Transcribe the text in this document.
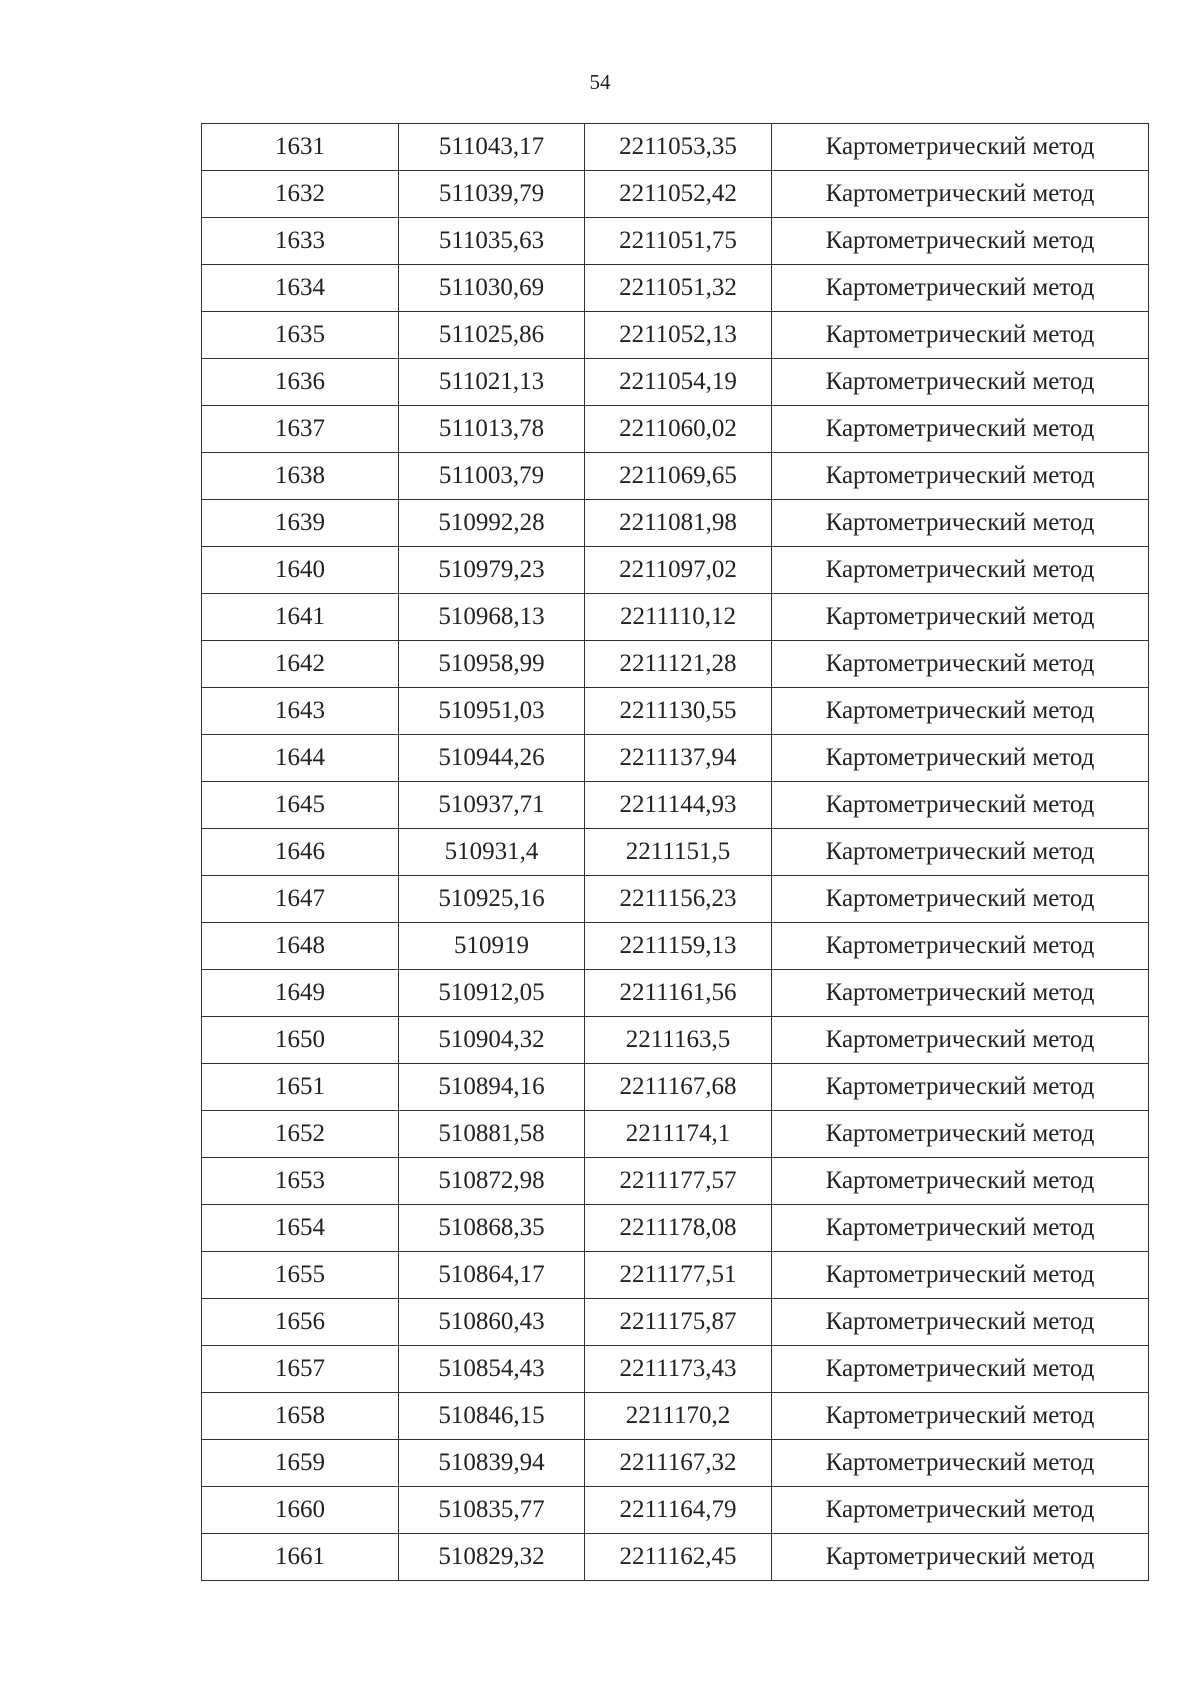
54
1631	511043,17	2211053,35	Картометрический метод
1632	511039,79	2211052,42	Картометрический метод
1633	511035,63	2211051,75	Картометрический метод
1634	511030,69	2211051,32	Картометрический метод
1635	511025,86	2211052,13	Картометрический метод
1636	511021,13	2211054,19	Картометрический метод
1637	511013,78	2211060,02	Картометрический метод
1638	511003,79	2211069,65	Картометрический метод
1639	510992,28	2211081,98	Картометрический метод
1640	510979,23	2211097,02	Картометрический метод
1641	510968,13	2211110,12	Картометрический метод
1642	510958,99	2211121,28	Картометрический метод
1643	510951,03	2211130,55	Картометрический метод
1644	510944,26	2211137,94	Картометрический метод
1645	510937,71	2211144,93	Картометрический метод
1646	510931,4	2211151,5	Картометрический метод
1647	510925,16	2211156,23	Картометрический метод
1648	510919	2211159,13	Картометрический метод
1649	510912,05	2211161,56	Картометрический метод
1650	510904,32	2211163,5	Картометрический метод
1651	510894,16	2211167,68	Картометрический метод
1652	510881,58	2211174,1	Картометрический метод
1653	510872,98	2211177,57	Картометрический метод
1654	510868,35	2211178,08	Картометрический метод
1655	510864,17	2211177,51	Картометрический метод
1656	510860,43	2211175,87	Картометрический метод
1657	510854,43	2211173,43	Картометрический метод
1658	510846,15	2211170,2	Картометрический метод
1659	510839,94	2211167,32	Картометрический метод
1660	510835,77	2211164,79	Картометрический метод
1661	510829,32	2211162,45	Картометрический метод
